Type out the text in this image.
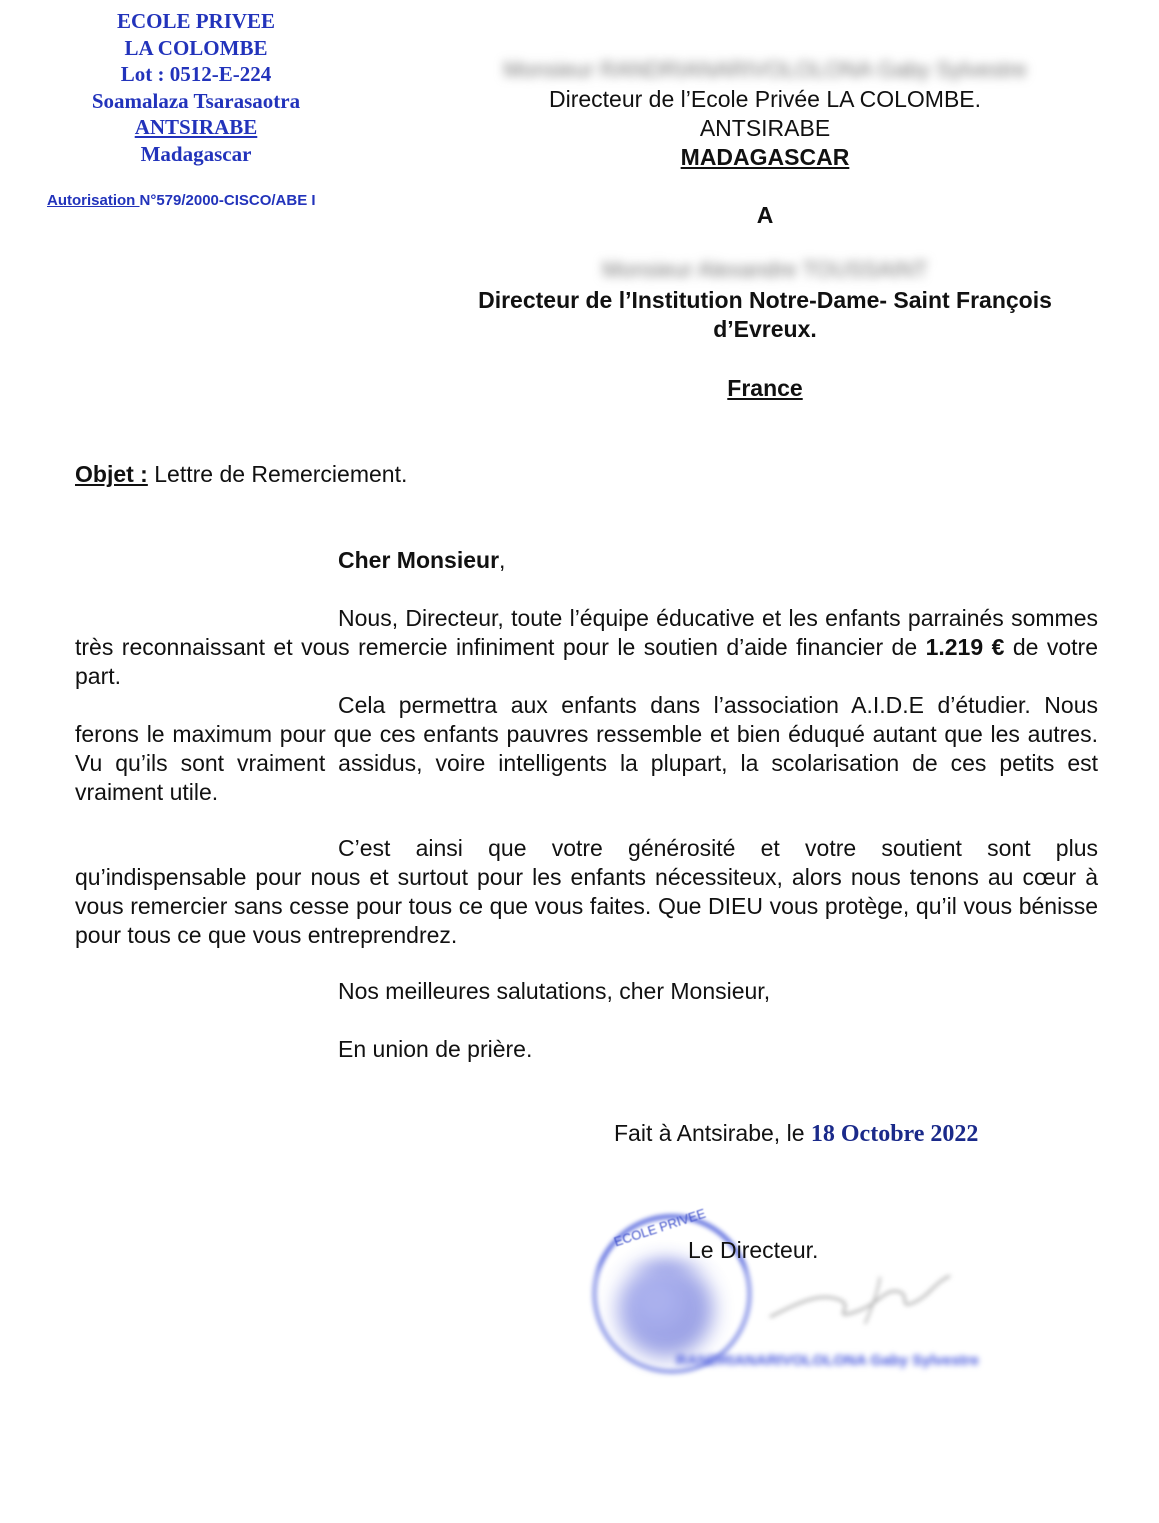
ECOLE PRIVEE
LA COLOMBE
Lot : 0512-E-224
Soamalaza Tsarasaotra
ANTSIRABE
Madagascar
Autorisation N°579/2000-CISCO/ABE I
Monsieur RANDRIANARIVOLOLONA Gaby Sylvestre
Directeur de l’Ecole Privée LA COLOMBE.
ANTSIRABE
MADAGASCAR
A
Monsieur Alexandre TOUSSAINT
Directeur de l’Institution Notre-Dame- Saint François
d’Evreux.
France
Objet : Lettre de Remerciement.
Cher Monsieur,
Nous, Directeur, toute l’équipe éducative et les enfants parrainés sommes très reconnaissant et vous remercie infiniment pour le soutien d’aide financier de 1.219 € de votre part.
Cela permettra aux enfants dans l’association A.I.D.E d’étudier. Nous ferons le maximum pour que ces enfants pauvres ressemble et bien éduqué autant que les autres. Vu qu’ils sont vraiment assidus, voire intelligents la plupart, la scolarisation de ces petits est vraiment utile.
C’est ainsi que votre générosité et votre soutient sont plus qu’indispensable pour nous et surtout pour les enfants nécessiteux, alors nous tenons au cœur à vous remercier sans cesse pour tous ce que vous faites. Que DIEU vous protège, qu’il vous bénisse pour tous ce que vous entreprendrez.
Nos meilleures salutations, cher Monsieur,
En union de prière.
Fait à Antsirabe, le 18 Octobre 2022
ECOLE PRIVEE
Le Directeur.
RANDRIANARIVOLOLONA Gaby Sylvestre
